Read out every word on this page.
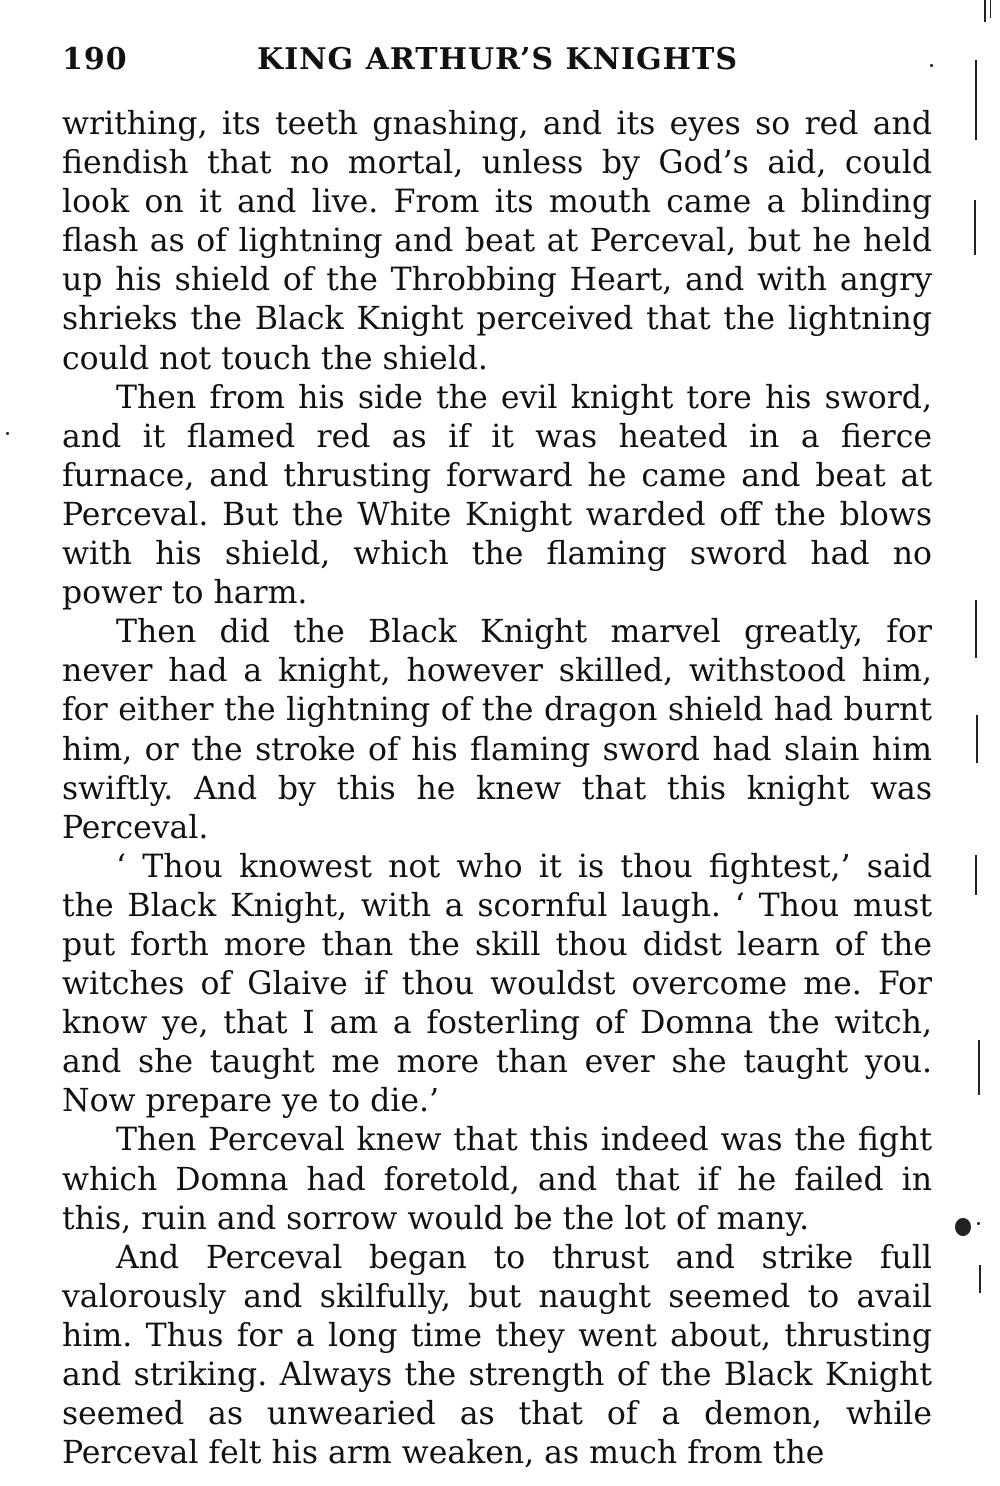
190	KING ARTHUR’S KNIGHTS

writhing, its teeth gnashing, and its eyes so red and fiendish that no mortal, unless by God’s aid, could look on it and live. From its mouth came a blinding flash as of lightning and beat at Perceval, but he held up his shield of the Throbbing Heart, and with angry shrieks the Black Knight perceived that the lightning could not touch the shield.

Then from his side the evil knight tore his sword, and it flamed red as if it was heated in a fierce furnace, and thrusting forward he came and beat at Perceval. But the White Knight warded off the blows with his shield, which the flaming sword had no power to harm.

Then did the Black Knight marvel greatly, for never had a knight, however skilled, withstood him, for either the lightning of the dragon shield had burnt him, or the stroke of his flaming sword had slain him swiftly. And by this he knew that this knight was Perceval.

‘ Thou knowest not who it is thou fightest,’ said the Black Knight, with a scornful laugh. ‘ Thou must put forth more than the skill thou didst learn of the witches of Glaive if thou wouldst overcome me. For know ye, that I am a fosterling of Domna the witch, and she taught me more than ever she taught you. Now prepare ye to die.’

Then Perceval knew that this indeed was the fight which Domna had foretold, and that if he failed in this, ruin and sorrow would be the lot of many.

And Perceval began to thrust and strike full valorously and skilfully, but naught seemed to avail him. Thus for a long time they went about, thrusting and striking. Always the strength of the Black Knight seemed as unwearied as that of a demon, while Perceval felt his arm weaken, as much from the
